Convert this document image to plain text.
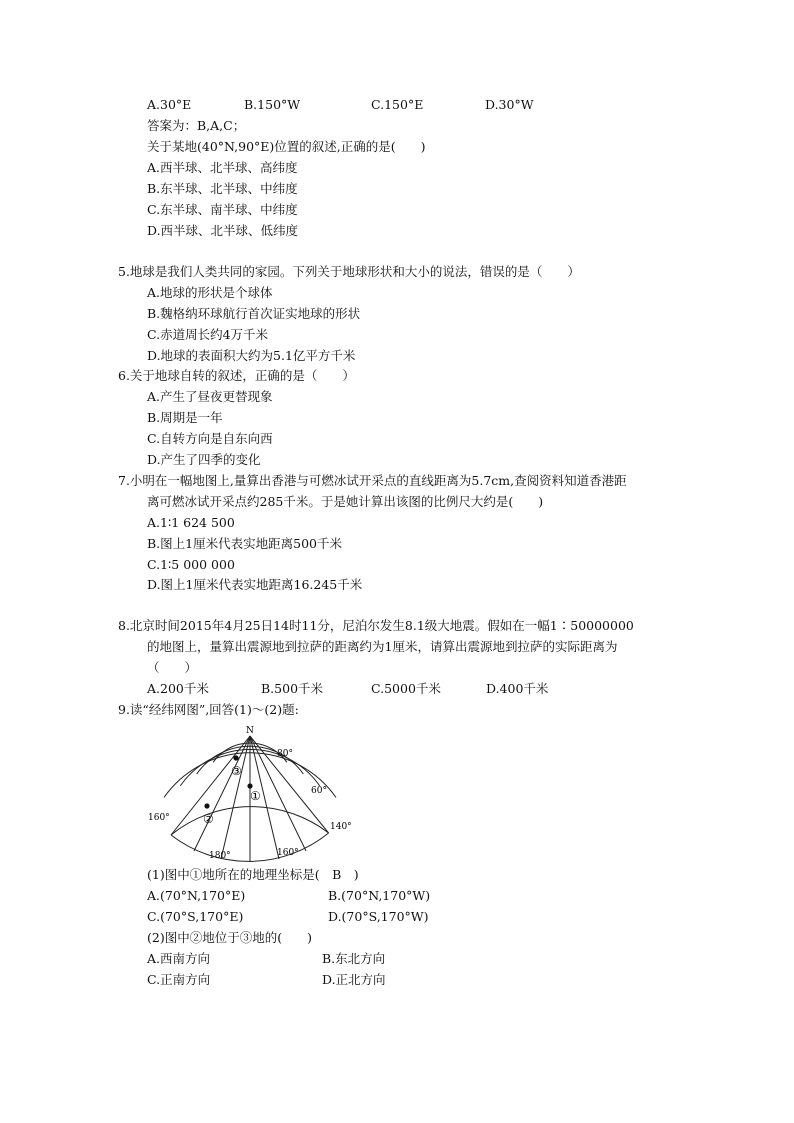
A.30°E	B.150°W	C.150°E	D.30°W
答案为：B,A,C；
关于某地(40°N,90°E)位置的叙述,正确的是(　　)
A.西半球、北半球、高纬度
B.东半球、北半球、中纬度
C.东半球、南半球、中纬度
D.西半球、北半球、低纬度
5.地球是我们人类共同的家园。下列关于地球形状和大小的说法，错误的是（　　）
A.地球的形状是个球体
B.魏格纳环球航行首次证实地球的形状
C.赤道周长约4万千米
D.地球的表面积大约为5.1亿平方千米
6.关于地球自转的叙述，正确的是（　　）
A.产生了昼夜更替现象
B.周期是一年
C.自转方向是自东向西
D.产生了四季的变化
7.小明在一幅地图上,量算出香港与可燃冰试开采点的直线距离为5.7cm,查阅资料知道香港距
离可燃冰试开采点约285千米。于是她计算出该图的比例尺大约是(　　)
A.1∶1 624 500
B.图上1厘米代表实地距离500千米
C.1∶5 000 000
D.图上1厘米代表实地距离16.245千米
8.北京时间2015年4月25日14时11分，尼泊尔发生8.1级大地震。假如在一幅1∶50000000
的地图上，量算出震源地到拉萨的距离约为1厘米，请算出震源地到拉萨的实际距离为
（　　）
A.200千米	B.500千米	C.5000千米	D.400千米
9.读“经纬网图”,回答(1)～(2)题:
N
80°
60°
160°
180°	160°
140°
③
①
②
(1)图中①地所在的地理坐标是(　B　)
A.(70°N,170°E)	B.(70°N,170°W)
C.(70°S,170°E)	D.(70°S,170°W)
(2)图中②地位于③地的(　　)
A.西南方向	B.东北方向
C.正南方向	D.正北方向
